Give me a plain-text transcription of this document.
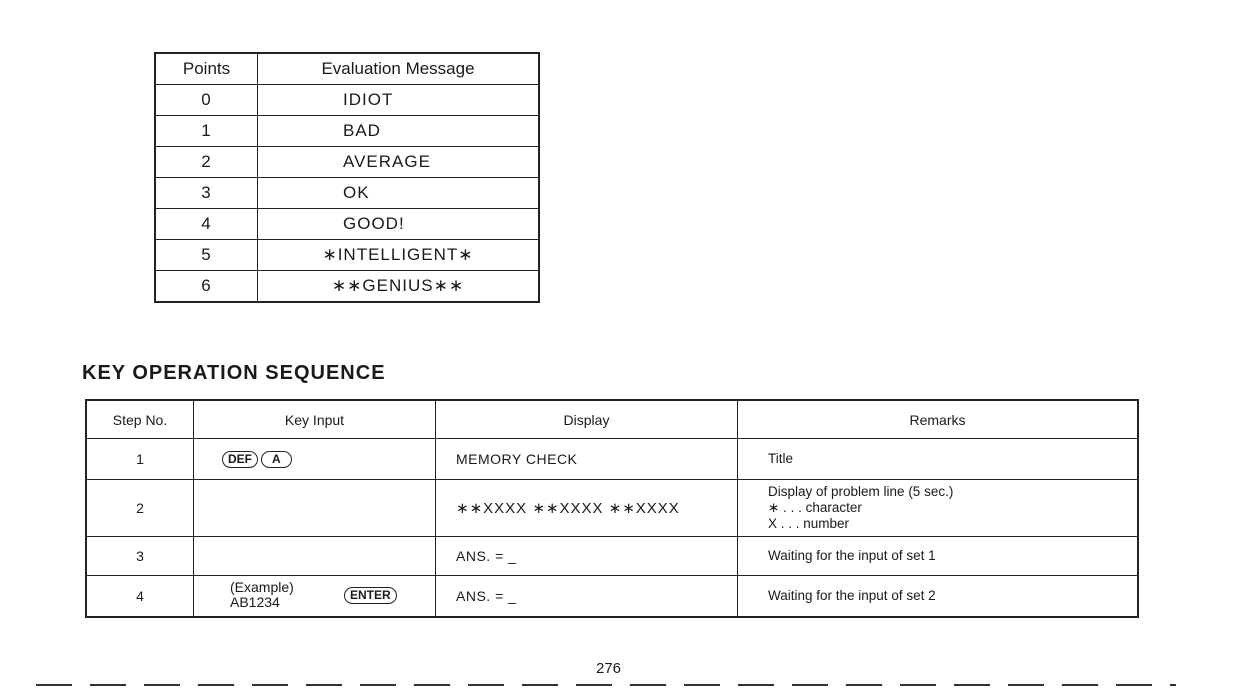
Points	Evaluation Message
0	IDIOT
1	BAD
2	AVERAGE
3	OK
4	GOOD!
5	∗INTELLIGENT∗
6	∗∗GENIUS∗∗
KEY OPERATION SEQUENCE
Step No.	Key Input	Display	Remarks
1	DEF A	MEMORY CHECK	Title

2		∗∗XXXX ∗∗XXXX ∗∗XXXX	Display of problem line (5 sec.)
∗ . . . character
X . . . number

3		ANS. = _	Waiting for the input of set 1

4	(Example)
AB1234 ENTER	ANS. = _	Waiting for the input of set 2
276
